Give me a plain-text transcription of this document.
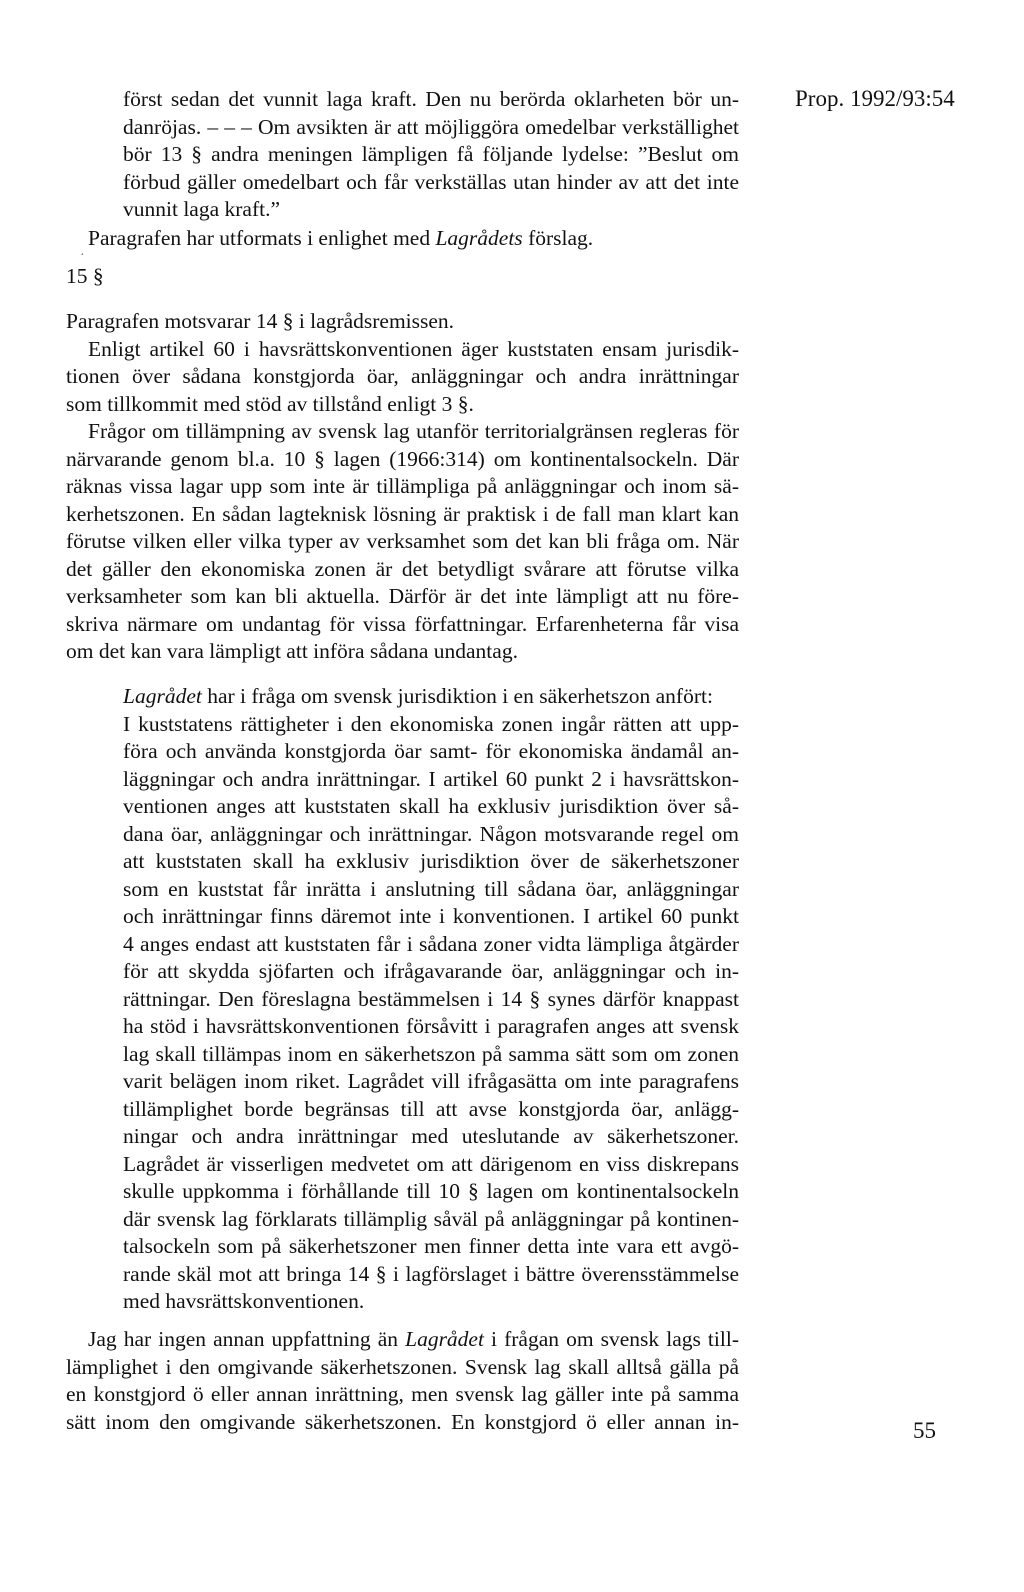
Prop. 1992/93:54
först sedan det vunnit laga kraft. Den nu berörda oklarheten bör un-
danröjas. – – – Om avsikten är att möjliggöra omedelbar verkställighet
bör 13 § andra meningen lämpligen få följande lydelse: ”Beslut om
förbud gäller omedelbart och får verkställas utan hinder av att det inte
vunnit laga kraft.”
·
Paragrafen har utformats i enlighet med Lagrådets förslag.
15 §
Paragrafen motsvarar 14 § i lagrådsremissen.
Enligt artikel 60 i havsrättskonventionen äger kuststaten ensam jurisdik-
tionen över sådana konstgjorda öar, anläggningar och andra inrättningar
som tillkommit med stöd av tillstånd enligt 3 §.
Frågor om tillämpning av svensk lag utanför territorialgränsen regleras för
närvarande genom bl.a. 10 § lagen (1966:314) om kontinentalsockeln. Där
räknas vissa lagar upp som inte är tillämpliga på anläggningar och inom sä-
kerhetszonen. En sådan lagteknisk lösning är praktisk i de fall man klart kan
förutse vilken eller vilka typer av verksamhet som det kan bli fråga om. När
det gäller den ekonomiska zonen är det betydligt svårare att förutse vilka
verksamheter som kan bli aktuella. Därför är det inte lämpligt att nu före-
skriva närmare om undantag för vissa författningar. Erfarenheterna får visa
om det kan vara lämpligt att införa sådana undantag.
Lagrådet har i fråga om svensk jurisdiktion i en säkerhetszon anfört:
I kuststatens rättigheter i den ekonomiska zonen ingår rätten att upp-
föra och använda konstgjorda öar samt- för ekonomiska ändamål an-
läggningar och andra inrättningar. I artikel 60 punkt 2 i havsrättskon-
ventionen anges att kuststaten skall ha exklusiv jurisdiktion över så-
dana öar, anläggningar och inrättningar. Någon motsvarande regel om
att kuststaten skall ha exklusiv jurisdiktion över de säkerhetszoner
som en kuststat får inrätta i anslutning till sådana öar, anläggningar
och inrättningar finns däremot inte i konventionen. I artikel 60 punkt
4 anges endast att kuststaten får i sådana zoner vidta lämpliga åtgärder
för att skydda sjöfarten och ifrågavarande öar, anläggningar och in-
rättningar. Den föreslagna bestämmelsen i 14 § synes därför knappast
ha stöd i havsrättskonventionen försåvitt i paragrafen anges att svensk
lag skall tillämpas inom en säkerhetszon på samma sätt som om zonen
varit belägen inom riket. Lagrådet vill ifrågasätta om inte paragrafens
tillämplighet borde begränsas till att avse konstgjorda öar, anlägg-
ningar och andra inrättningar med uteslutande av säkerhetszoner.
Lagrådet är visserligen medvetet om att därigenom en viss diskrepans
skulle uppkomma i förhållande till 10 § lagen om kontinentalsockeln
där svensk lag förklarats tillämplig såväl på anläggningar på kontinen-
talsockeln som på säkerhetszoner men finner detta inte vara ett avgö-
rande skäl mot att bringa 14 § i lagförslaget i bättre överensstämmelse
med havsrättskonventionen.
Jag har ingen annan uppfattning än Lagrådet i frågan om svensk lags till-
lämplighet i den omgivande säkerhetszonen. Svensk lag skall alltså gälla på
en konstgjord ö eller annan inrättning, men svensk lag gäller inte på samma
sätt inom den omgivande säkerhetszonen. En konstgjord ö eller annan in-	55
